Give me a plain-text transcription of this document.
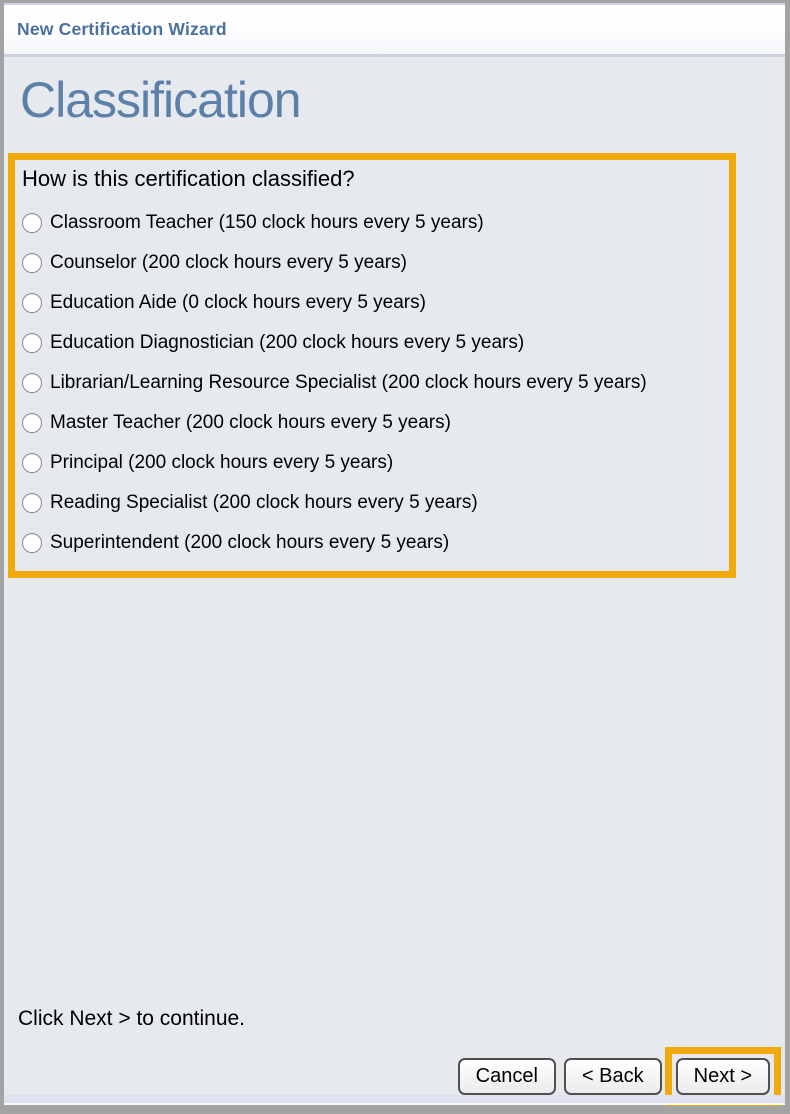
New Certification Wizard
Classification
How is this certification classified?
Classroom Teacher (150 clock hours every 5 years)
Counselor (200 clock hours every 5 years)
Education Aide (0 clock hours every 5 years)
Education Diagnostician (200 clock hours every 5 years)
Librarian/Learning Resource Specialist (200 clock hours every 5 years)
Master Teacher (200 clock hours every 5 years)
Principal (200 clock hours every 5 years)
Reading Specialist (200 clock hours every 5 years)
Superintendent (200 clock hours every 5 years)
Click Next > to continue.
Cancel	< Back	Next >
